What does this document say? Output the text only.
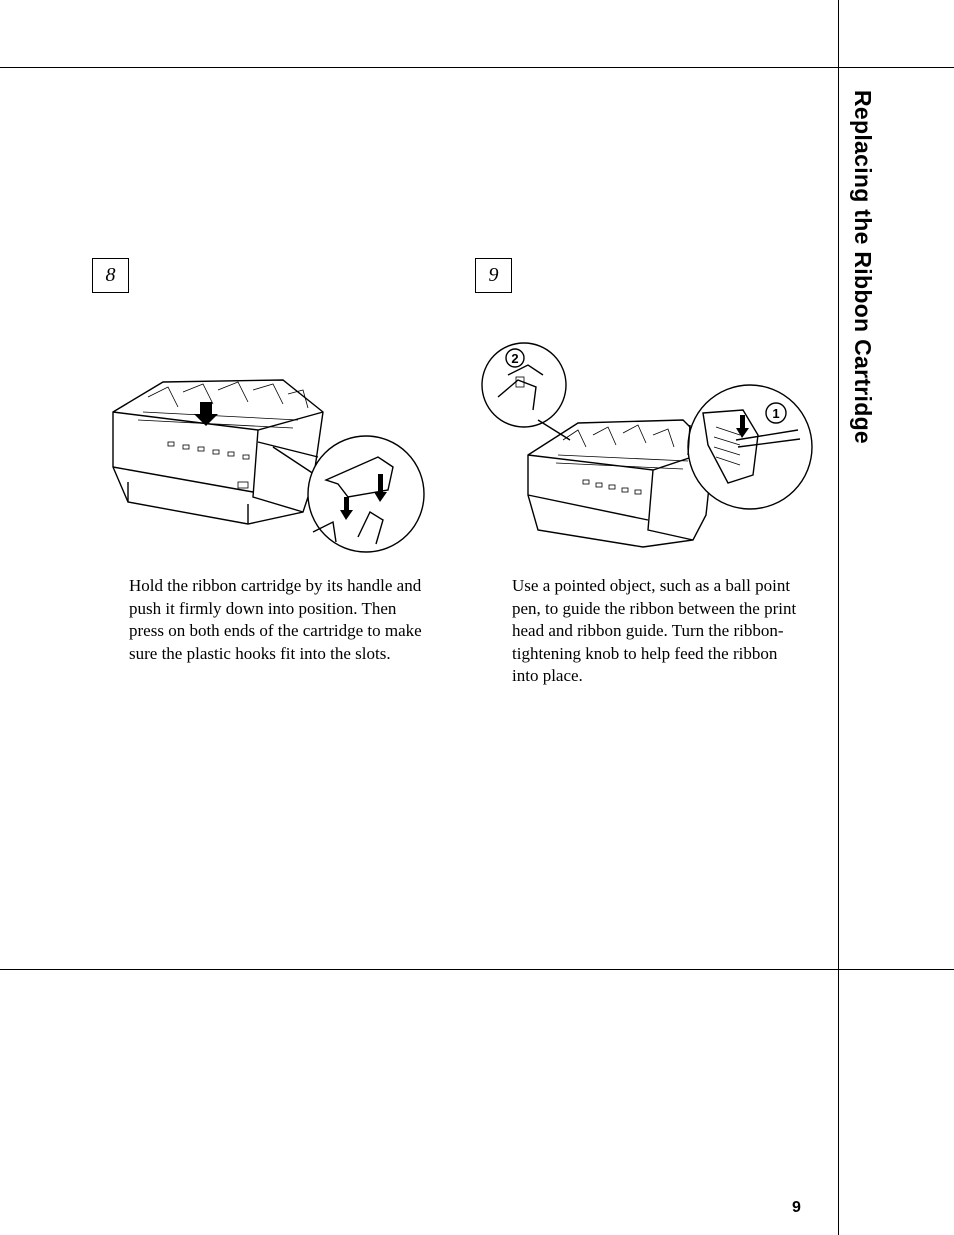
Replacing the Ribbon Cartridge
8

Hold the ribbon cartridge by its handle and push it firmly down into position. Then press on both ends of the cartridge to make sure the plastic hooks fit into the slots.

9
2
1

Use a pointed object, such as a ball point pen, to guide the ribbon between the print head and ribbon guide. Turn the ribbon-tightening knob to help feed the ribbon into place.

9
